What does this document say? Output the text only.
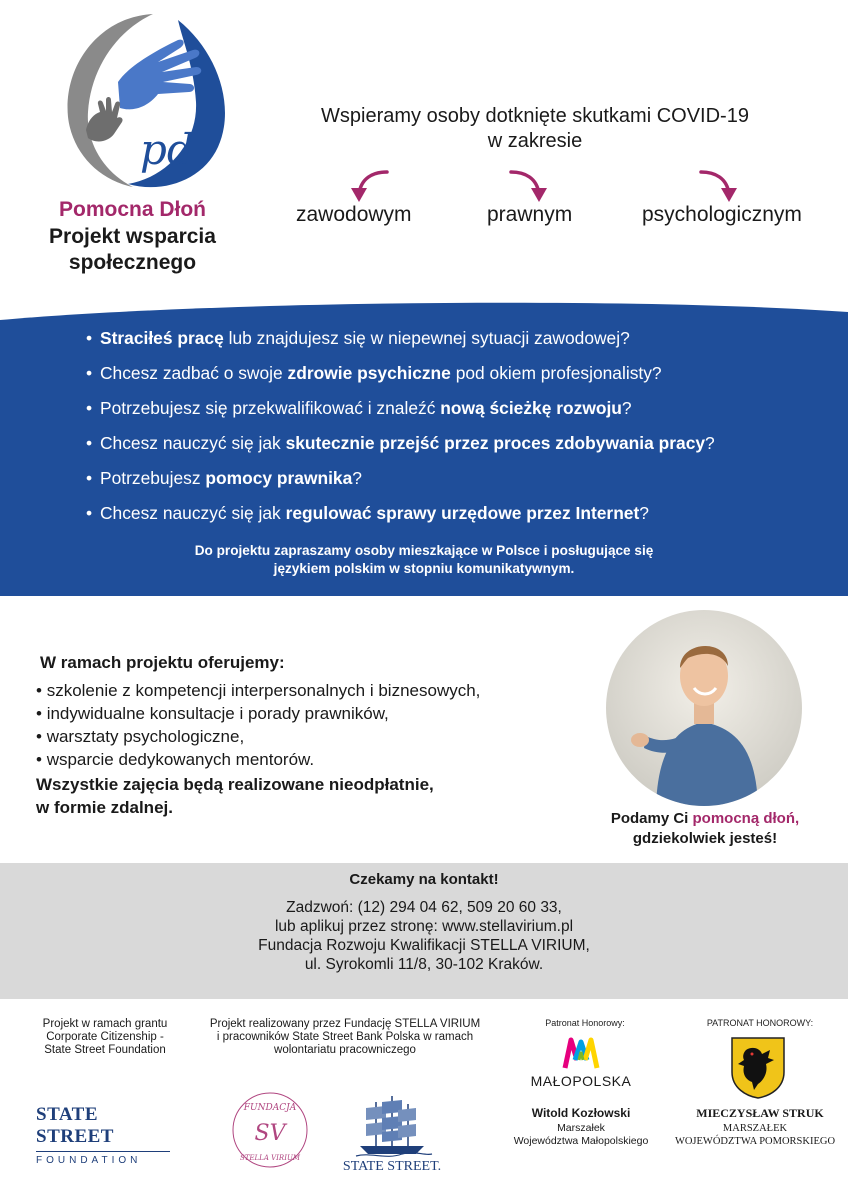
pd
Pomocna Dłoń
Projekt wsparcia
społecznego
Wspieramy osoby dotknięte skutkami COVID-19
w zakresie
zawodowym	prawnym	psychologicznym
• Straciłeś pracę lub znajdujesz się w niepewnej sytuacji zawodowej?
• Chcesz zadbać o swoje zdrowie psychiczne pod okiem profesjonalisty?
• Potrzebujesz się przekwalifikować i znaleźć nową ścieżkę rozwoju?
• Chcesz nauczyć się jak skutecznie przejść przez proces zdobywania pracy?
• Potrzebujesz pomocy prawnika?
• Chcesz nauczyć się jak regulować sprawy urzędowe przez Internet?
Do projektu zapraszamy osoby mieszkające w Polsce i posługujące się
językiem polskim w stopniu komunikatywnym.
W ramach projektu oferujemy:
• szkolenie z kompetencji interpersonalnych i biznesowych,
• indywidualne konsultacje i porady prawników,
• warsztaty psychologiczne,
• wsparcie dedykowanych mentorów.
Wszystkie zajęcia będą realizowane nieodpłatnie,
w formie zdalnej.
Podamy Ci pomocną dłoń,
gdziekolwiek jesteś!
Czekamy na kontakt!
Zadzwoń: (12) 294 04 62, 509 20 60 33,
lub aplikuj przez stronę: www.stellavirium.pl
Fundacja Rozwoju Kwalifikacji STELLA VIRIUM,
ul. Syrokomli 11/8, 30-102 Kraków.
Projekt w ramach grantu
Corporate Citizenship -
State Street Foundation
Projekt realizowany przez Fundację STELLA VIRIUM
i pracowników State Street Bank Polska w ramach
wolontariatu pracowniczego
STATE STREET
FOUNDATION
FUNDACJA
SV
STELLA VIRIUM
STATE STREET.
Patronat Honorowy:
MAŁOPOLSKA
Witold Kozłowski
Marszałek
Województwa Małopolskiego
PATRONAT HONOROWY:
MIECZYSŁAW STRUK
MARSZAŁEK
WOJEWÓDZTWA POMORSKIEGO
